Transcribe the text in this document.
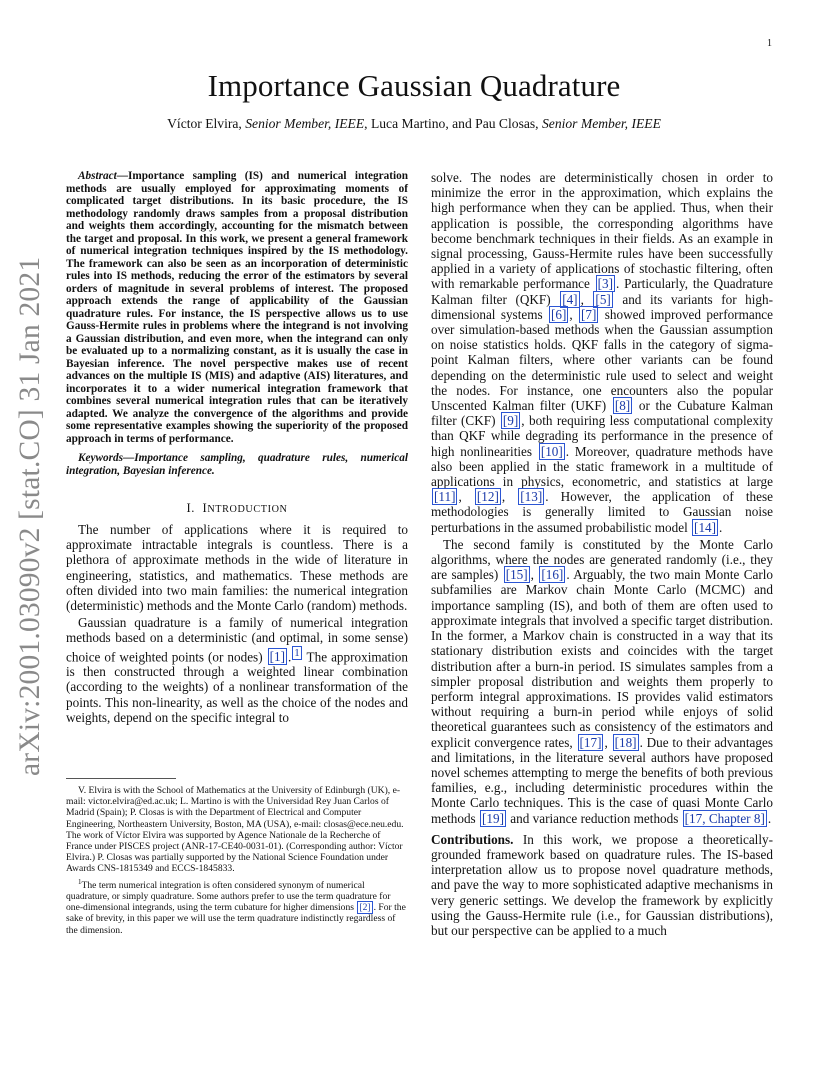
1
Importance Gaussian Quadrature
Víctor Elvira, Senior Member, IEEE, Luca Martino, and Pau Closas, Senior Member, IEEE
arXiv:2001.03090v2 [stat.CO] 31 Jan 2021

Abstract—Importance sampling (IS) and numerical integration methods are usually employed for approximating moments of complicated target distributions. In its basic procedure, the IS methodology randomly draws samples from a proposal distribution and weights them accordingly, accounting for the mismatch between the target and proposal. In this work, we present a general framework of numerical integration techniques inspired by the IS methodology. The framework can also be seen as an incorporation of deterministic rules into IS methods, reducing the error of the estimators by several orders of magnitude in several problems of interest. The proposed approach extends the range of applicability of the Gaussian quadrature rules. For instance, the IS perspective allows us to use Gauss-Hermite rules in problems where the integrand is not involving a Gaussian distribution, and even more, when the integrand can only be evaluated up to a normalizing constant, as it is usually the case in Bayesian inference. The novel perspective makes use of recent advances on the multiple IS (MIS) and adaptive (AIS) literatures, and incorporates it to a wider numerical integration framework that combines several numerical integration rules that can be iteratively adapted. We analyze the convergence of the algorithms and provide some representative examples showing the superiority of the proposed approach in terms of performance.

Keywords—Importance sampling, quadrature rules, numerical integration, Bayesian inference.

I. INTRODUCTION

The number of applications where it is required to approximate intractable integrals is countless. There is a plethora of approximate methods in the wide of literature in engineering, statistics, and mathematics. These methods are often divided into two main families: the numerical integration (deterministic) methods and the Monte Carlo (random) methods.

Gaussian quadrature is a family of numerical integration methods based on a deterministic (and optimal, in some sense) choice of weighted points (or nodes) [1] . $^1$ The approximation is then constructed through a weighted linear combination (according to the weights) of a nonlinear transformation of the points. This non-linearity, as well as the choice of the nodes and weights, depend on the specific integral to

V. Elvira is with the School of Mathematics at the University of Edinburgh (UK), e-mail: victor.elvira@ed.ac.uk; L. Martino is with the Universidad Rey Juan Carlos of Madrid (Spain); P. Closas is with the Department of Electrical and Computer Engineering, Northeastern University, Boston, MA (USA), e-mail: closas@ece.neu.edu. The work of Víctor Elvira was supported by Agence Nationale de la Recherche of France under PISCES project (ANR-17-CE40-0031-01). (Corresponding author: Víctor Elvira.) P. Closas was partially supported by the National Science Foundation under Awards CNS-1815349 and ECCS-1845833.

$^1$The term numerical integration is often considered synonym of numerical quadrature, or simply quadrature. Some authors prefer to use the term quadrature for one-dimensional integrands, using the term cubature for higher dimensions [2] . For the sake of brevity, in this paper we will use the term quadrature indistinctly regardless of the dimension.

solve. The nodes are deterministically chosen in order to minimize the error in the approximation, which explains the high performance when they can be applied. Thus, when their application is possible, the corresponding algorithms have become benchmark techniques in their fields. As an example in signal processing, Gauss-Hermite rules have been successfully applied in a variety of applications of stochastic filtering, often with remarkable performance [3] . Particularly, the Quadrature Kalman filter (QKF) [4] , [5] and its variants for high-dimensional systems [6] , [7] showed improved performance over simulation-based methods when the Gaussian assumption on noise statistics holds. QKF falls in the category of sigma-point Kalman filters, where other variants can be found depending on the deterministic rule used to select and weight the nodes. For instance, one encounters also the popular Unscented Kalman filter (UKF) [8] or the Cubature Kalman filter (CKF) [9] , both requiring less computational complexity than QKF while degrading its performance in the presence of high nonlinearities [10] . Moreover, quadrature methods have also been applied in the static framework in a multitude of applications in physics, econometric, and statistics at large [11] , [12] , [13] . However, the application of these methodologies is generally limited to Gaussian noise perturbations in the assumed probabilistic model [14] .

The second family is constituted by the Monte Carlo algorithms, where the nodes are generated randomly (i.e., they are samples) [15] , [16] . Arguably, the two main Monte Carlo subfamilies are Markov chain Monte Carlo (MCMC) and importance sampling (IS), and both of them are often used to approximate integrals that involved a specific target distribution. In the former, a Markov chain is constructed in a way that its stationary distribution exists and coincides with the target distribution after a burn-in period. IS simulates samples from a simpler proposal distribution and weights them properly to perform integral approximations. IS provides valid estimators without requiring a burn-in period while enjoys of solid theoretical guarantees such as consistency of the estimators and explicit convergence rates, [17] , [18] . Due to their advantages and limitations, in the literature several authors have proposed novel schemes attempting to merge the benefits of both previous families, e.g., including deterministic procedures within the Monte Carlo techniques. This is the case of quasi Monte Carlo methods [19] and variance reduction methods [17, Chapter 8] .

Contributions. In this work, we propose a theoretically-grounded framework based on quadrature rules. The IS-based interpretation allow us to propose novel quadrature methods, and pave the way to more sophisticated adaptive mechanisms in very generic settings. We develop the framework by explicitly using the Gauss-Hermite rule (i.e., for Gaussian distributions), but our perspective can be applied to a much
